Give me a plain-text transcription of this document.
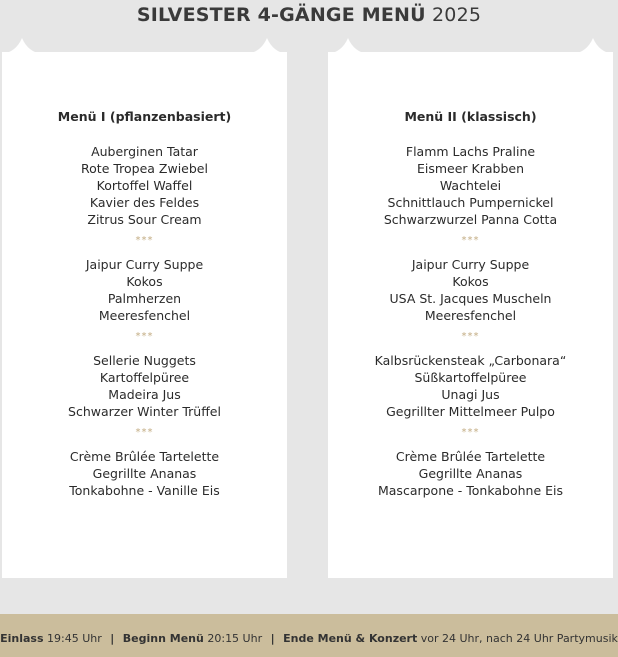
SILVESTER 4-GÄNGE MENÜ 2025
Menü I (pflanzenbasiert)
Auberginen Tatar
Rote Tropea Zwiebel
Kortoffel Waffel
Kavier des Feldes
Zitrus Sour Cream
***
Jaipur Curry Suppe
Kokos
Palmherzen
Meeresfenchel
***
Sellerie Nuggets
Kartoffelpüree
Madeira Jus
Schwarzer Winter Trüffel
***
Crème Brûlée Tartelette
Gegrillte Ananas
Tonkabohne - Vanille Eis
Menü II (klassisch)
Flamm Lachs Praline
Eismeer Krabben
Wachtelei
Schnittlauch Pumpernickel
Schwarzwurzel Panna Cotta
***
Jaipur Curry Suppe
Kokos
USA St. Jacques Muscheln
Meeresfenchel
***
Kalbsrückensteak „Carbonara“
Süßkartoffelpüree
Unagi Jus
Gegrillter Mittelmeer Pulpo
***
Crème Brûlée Tartelette
Gegrillte Ananas
Mascarpone - Tonkabohne Eis
Einlass 19:45 Uhr | Beginn Menü 20:15 Uhr | Ende Menü & Konzert vor 24 Uhr, nach 24 Uhr Partymusik
